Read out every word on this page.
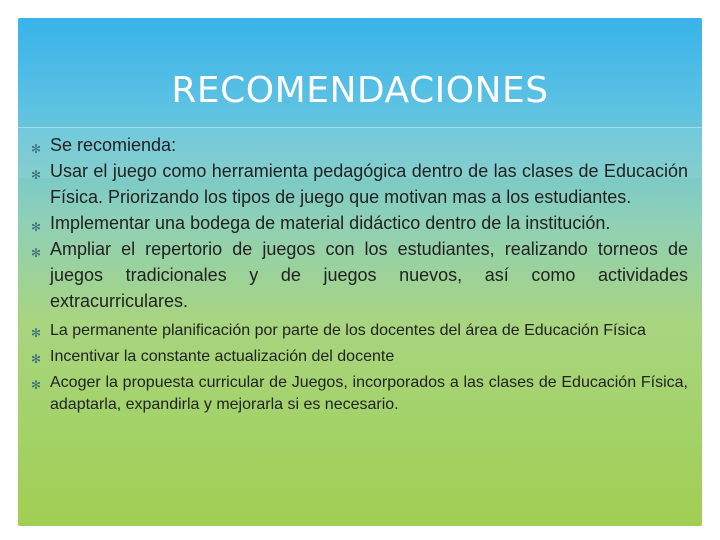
RECOMENDACIONES
✻ Se recomienda:
✻ Usar el juego como herramienta pedagógica dentro de las clases de Educación Física. Priorizando los tipos de juego que motivan mas a los estudiantes.
✻ Implementar una bodega de material didáctico dentro de la institución.
✻ Ampliar el repertorio de juegos con los estudiantes, realizando torneos de juegos tradicionales y de juegos nuevos, así como actividades extracurriculares.
✻ La permanente planificación por parte de los docentes del área de Educación Física
✻ Incentivar la constante actualización del docente
✻ Acoger la propuesta curricular de Juegos, incorporados a las clases de Educación Física, adaptarla, expandirla y mejorarla si es necesario.
